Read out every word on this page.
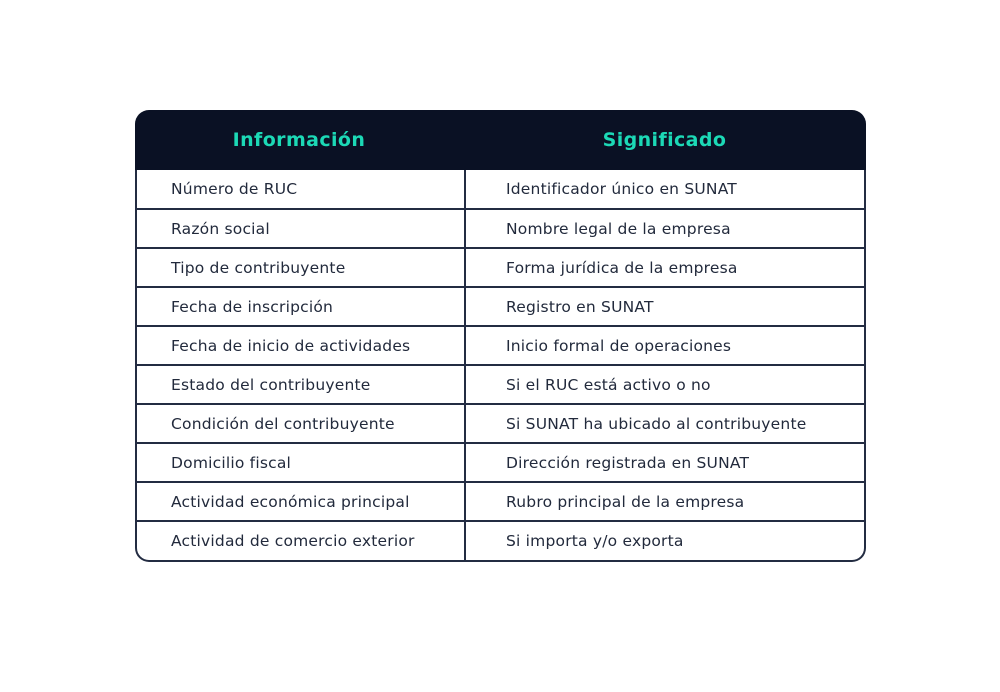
Información	Significado
Número de RUC	Identificador único en SUNAT
Razón social	Nombre legal de la empresa
Tipo de contribuyente	Forma jurídica de la empresa
Fecha de inscripción	Registro en SUNAT
Fecha de inicio de actividades	Inicio formal de operaciones
Estado del contribuyente	Si el RUC está activo o no
Condición del contribuyente	Si SUNAT ha ubicado al contribuyente
Domicilio fiscal	Dirección registrada en SUNAT
Actividad económica principal	Rubro principal de la empresa
Actividad de comercio exterior	Si importa y/o exporta
